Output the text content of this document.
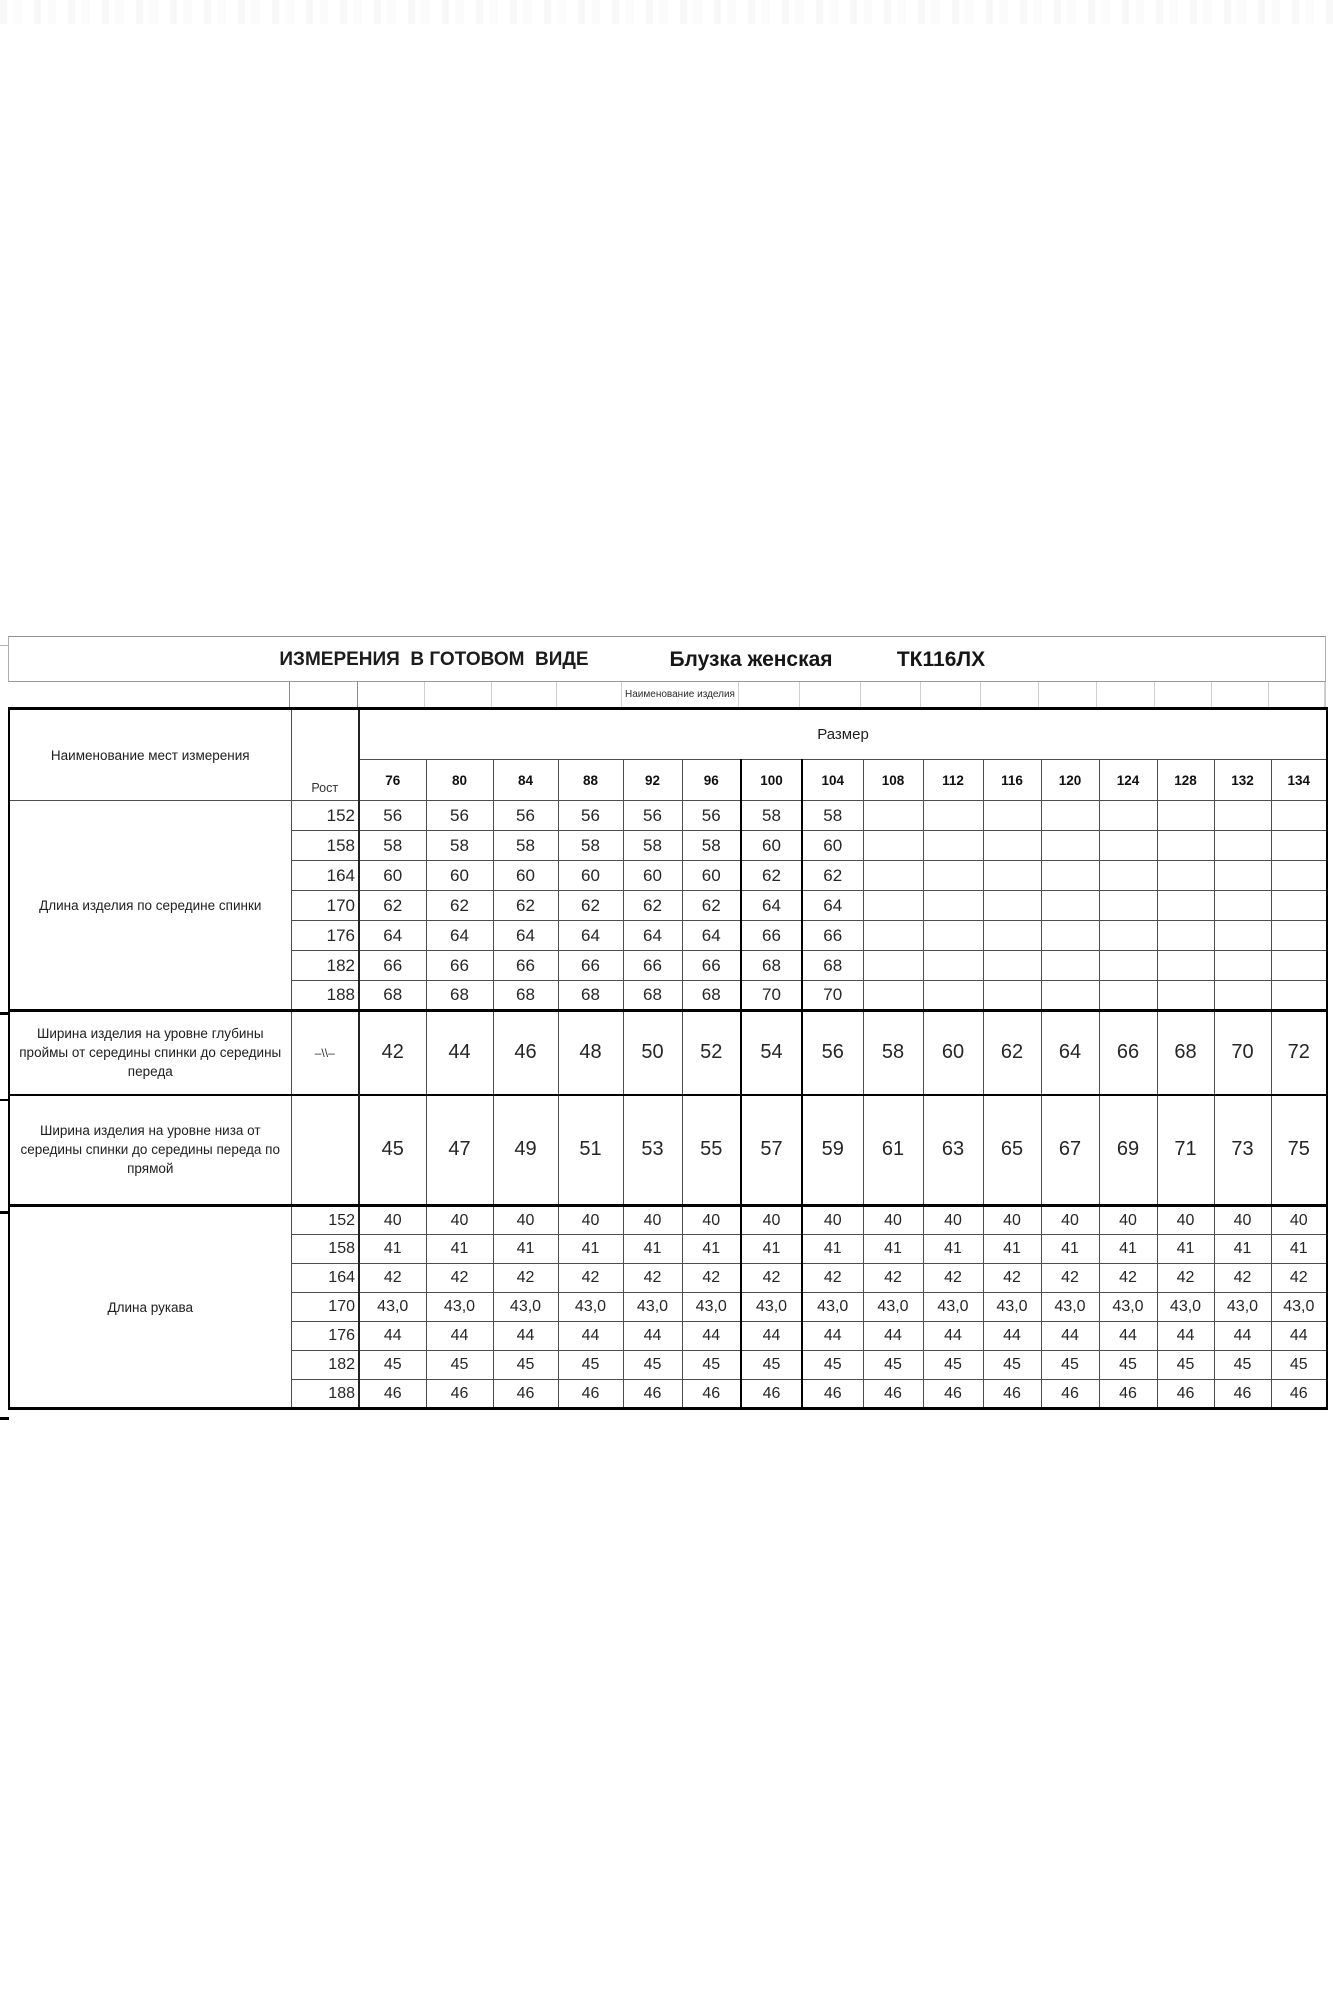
ИЗМЕРЕНИЯ  В ГОТОВОМ  ВИДЕ	Блузка женская	ТК116ЛХ
Наименование изделия
Наименование мест измерения	Рост	Размер															
		76	80	84	88	92	96	100	104	108	112	116	120	124	128	132	134
Длина изделия по середине спинки	152	56	56	56	56	56	56	58	58								
	158	58	58	58	58	58	58	60	60								
	164	60	60	60	60	60	60	62	62								
	170	62	62	62	62	62	62	64	64								
	176	64	64	64	64	64	64	66	66								
	182	66	66	66	66	66	66	68	68								
	188	68	68	68	68	68	68	70	70								
Ширина изделия на уровне глубины проймы от середины спинки до середины переда	–\\–	42	44	46	48	50	52	54	56	58	60	62	64	66	68	70	72
Ширина изделия на уровне низа от середины спинки до середины переда по прямой		45	47	49	51	53	55	57	59	61	63	65	67	69	71	73	75
Длина рукава	152	40	40	40	40	40	40	40	40	40	40	40	40	40	40	40	40
	158	41	41	41	41	41	41	41	41	41	41	41	41	41	41	41	41
	164	42	42	42	42	42	42	42	42	42	42	42	42	42	42	42	42
	170	43,0	43,0	43,0	43,0	43,0	43,0	43,0	43,0	43,0	43,0	43,0	43,0	43,0	43,0	43,0	43,0
	176	44	44	44	44	44	44	44	44	44	44	44	44	44	44	44	44
	182	45	45	45	45	45	45	45	45	45	45	45	45	45	45	45	45
	188	46	46	46	46	46	46	46	46	46	46	46	46	46	46	46	46
